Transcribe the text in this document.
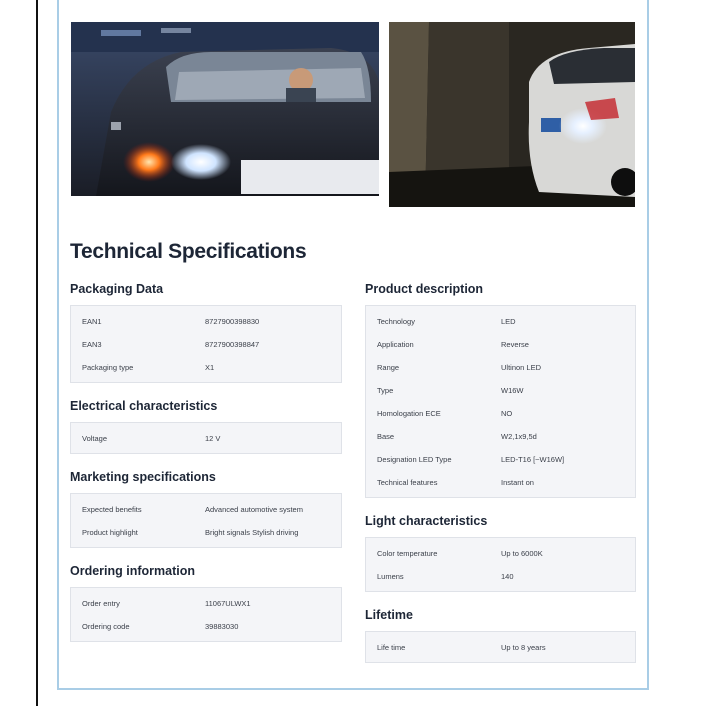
Technical Specifications
Packaging Data
EAN1	8727900398830
EAN3	8727900398847
Packaging type	X1
Electrical characteristics
Voltage	12 V
Marketing specifications
Expected benefits	Advanced automotive system
Product highlight	Bright signals Stylish driving
Ordering information
Order entry	11067ULWX1
Ordering code	39883030
Product description
Technology	LED
Application	Reverse
Range	Ultinon LED
Type	W16W
Homologation ECE	NO
Base	W2,1x9,5d
Designation LED Type	LED-T16 [~W16W]
Technical features	Instant on
Light characteristics
Color temperature	Up to 6000K
Lumens	140
Lifetime
Life time	Up to 8 years
